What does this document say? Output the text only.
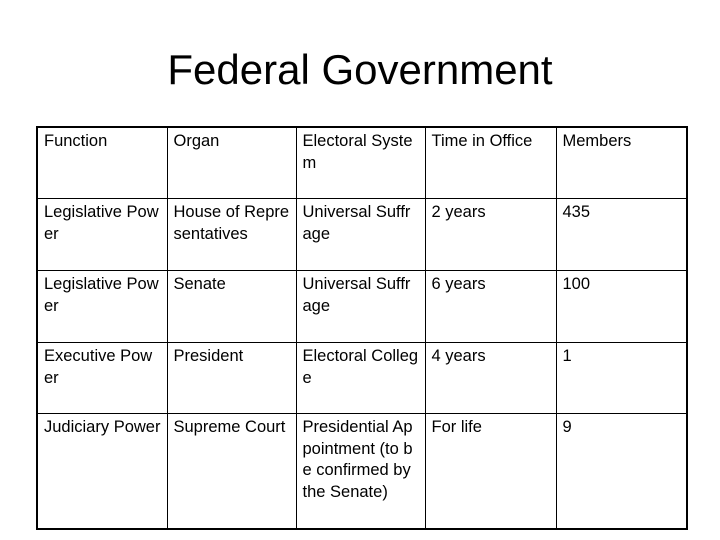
Federal Government
Function	Organ	Electoral System	Time in Office	Members
Legislative Power	House of Representatives	Universal Suffrage	2 years	435
Legislative Power	Senate	Universal Suffrage	6 years	100
Executive Power	President	Electoral College	4 years	1
Judiciary Power	Supreme Court	Presidential Appointment (to be confirmed by the Senate)	For life	9
